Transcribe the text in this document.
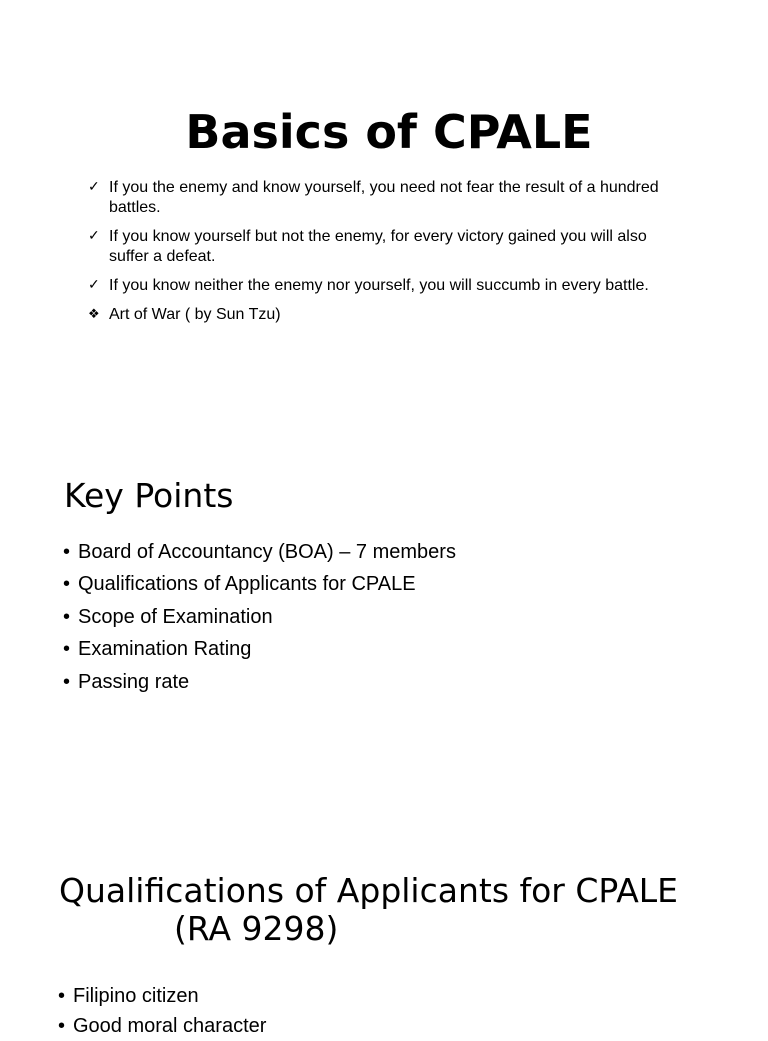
Basics of CPALE
✓ If you the enemy and know yourself, you need not fear the result of a hundred battles.
✓ If you know yourself but not the enemy, for every victory gained you will also suffer a defeat.
✓ If you know neither the enemy nor yourself, you will succumb in every battle.
❖ Art of War ( by Sun Tzu)
Key Points
• Board of Accountancy (BOA) – 7 members
• Qualifications of Applicants for CPALE
• Scope of Examination
• Examination Rating
• Passing rate
Qualifications of Applicants for CPALE
(RA 9298)
• Filipino citizen
• Good moral character
